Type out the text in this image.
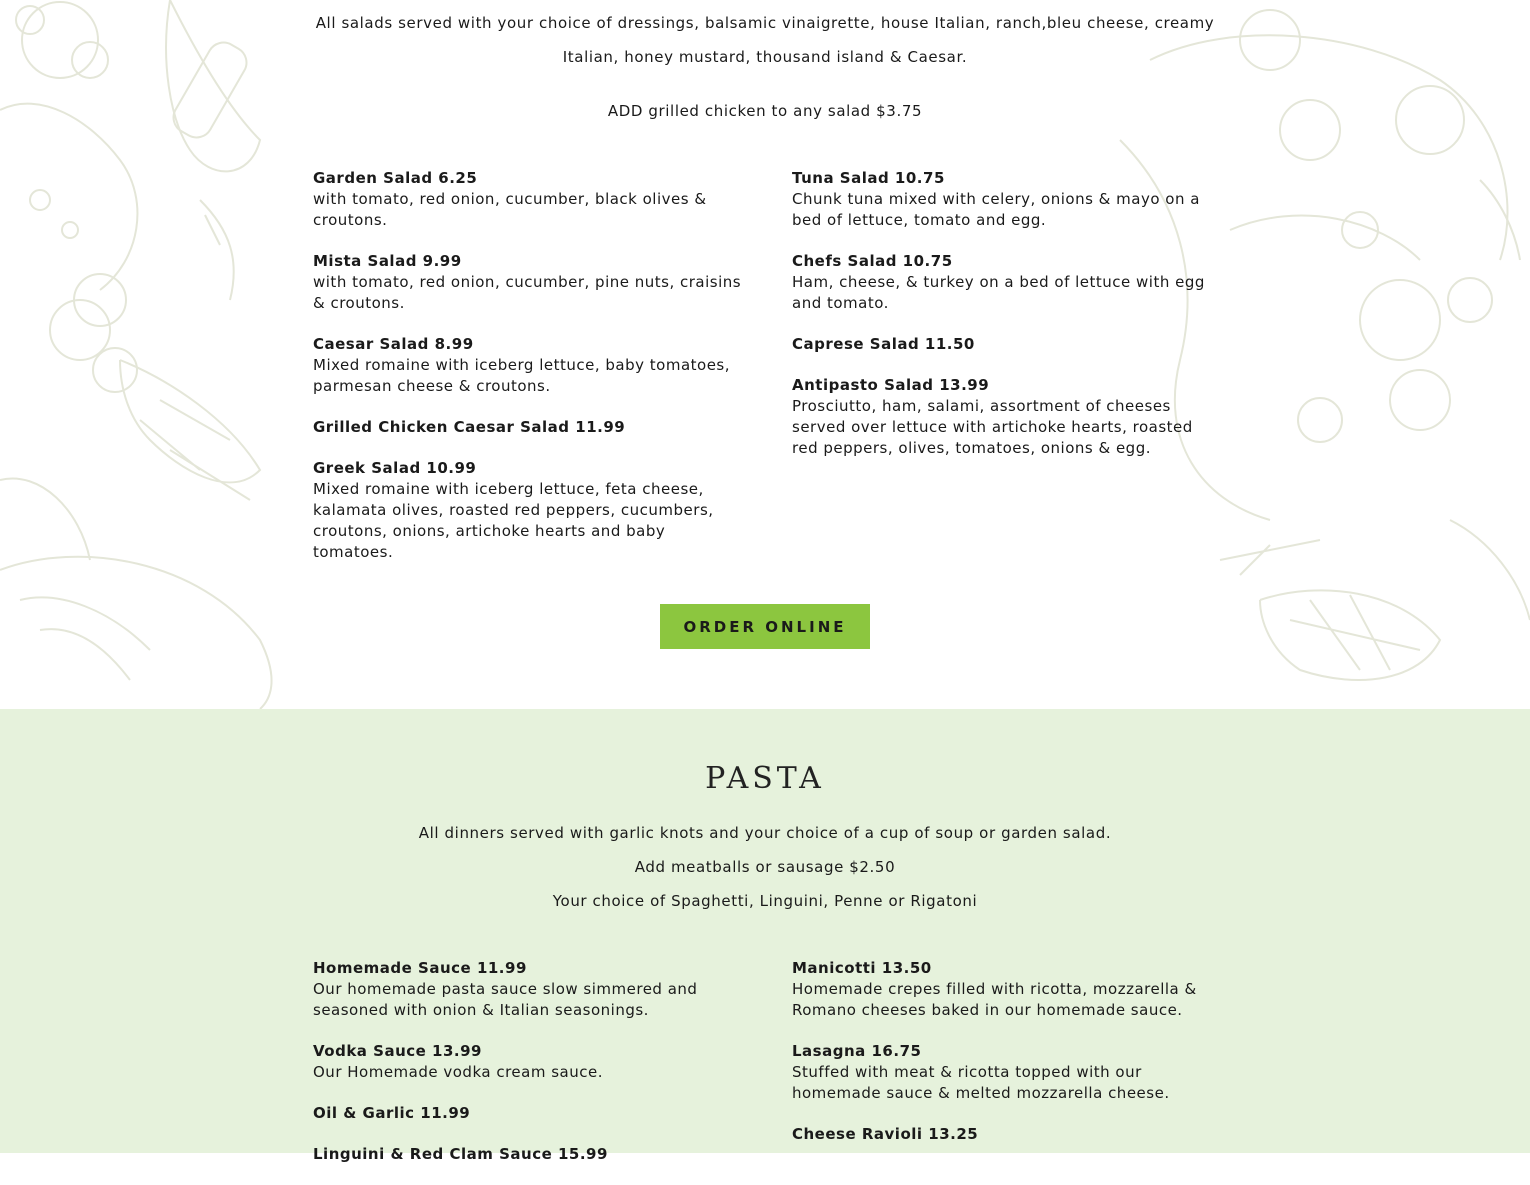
All salads served with your choice of dressings, balsamic vinaigrette, house Italian, ranch,bleu cheese, creamy
Italian, honey mustard, thousand island & Caesar.

ADD grilled chicken to any salad $3.75

Garden Salad 6.25
with tomato, red onion, cucumber, black olives & croutons.
Mista Salad 9.99
with tomato, red onion, cucumber, pine nuts, craisins & croutons.
Caesar Salad 8.99
Mixed romaine with iceberg lettuce, baby tomatoes, parmesan cheese & croutons.
Grilled Chicken Caesar Salad 11.99
Greek Salad 10.99
Mixed romaine with iceberg lettuce, feta cheese, kalamata olives, roasted red peppers, cucumbers, croutons, onions, artichoke hearts and baby tomatoes.
Tuna Salad 10.75
Chunk tuna mixed with celery, onions & mayo on a bed of lettuce, tomato and egg.
Chefs Salad 10.75
Ham, cheese, & turkey on a bed of lettuce with egg and tomato.
Caprese Salad 11.50
Antipasto Salad 13.99
Prosciutto, ham, salami, assortment of cheeses served over lettuce with artichoke hearts, roasted red peppers, olives, tomatoes, onions & egg.
ORDER ONLINE
PASTA

All dinners served with garlic knots and your choice of a cup of soup or garden salad.
Add meatballs or sausage $2.50
Your choice of Spaghetti, Linguini, Penne or Rigatoni

Homemade Sauce 11.99
Our homemade pasta sauce slow simmered and seasoned with onion & Italian seasonings.
Vodka Sauce 13.99
Our Homemade vodka cream sauce.
Oil & Garlic 11.99
Linguini & Red Clam Sauce 15.99
Manicotti 13.50
Homemade crepes filled with ricotta, mozzarella & Romano cheeses baked in our homemade sauce.
Lasagna 16.75
Stuffed with meat & ricotta topped with our homemade sauce & melted mozzarella cheese.
Cheese Ravioli 13.25
